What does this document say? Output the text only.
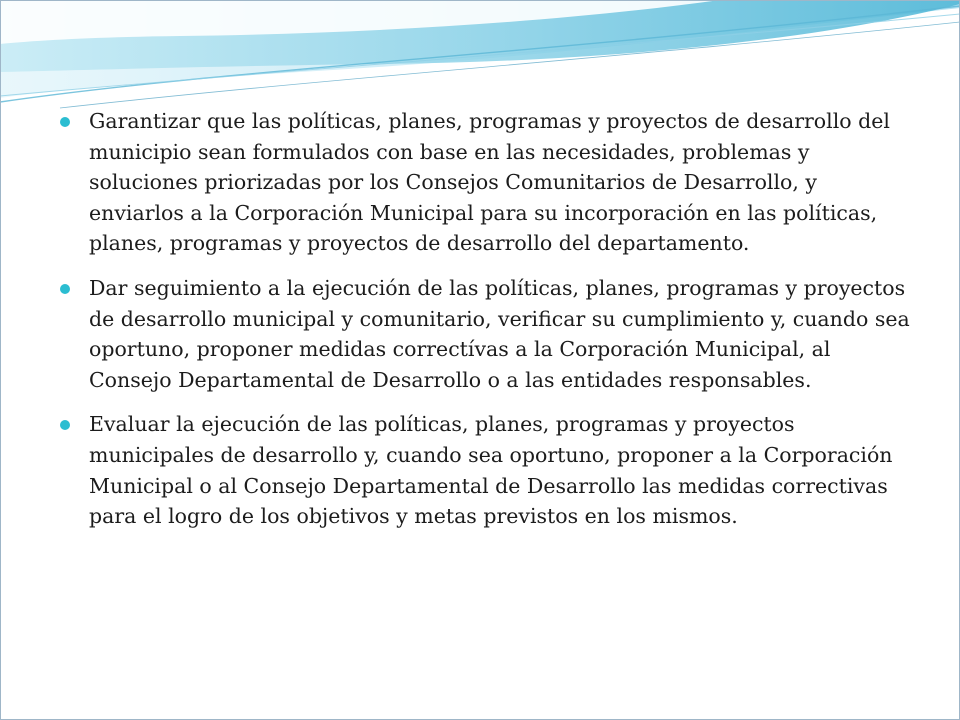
Garantizar que las políticas, planes, programas y proyectos de desarrollo del municipio sean formulados con base en las necesidades, problemas y soluciones priorizadas por los Consejos Comunitarios de Desarrollo, y enviarlos a la Corporación Municipal para su incorporación en las políticas, planes, programas y proyectos de desarrollo del departamento.
Dar seguimiento a la ejecución de las políticas, planes, programas y proyectos de desarrollo municipal y comunitario, verificar su cumplimiento y, cuando sea oportuno, proponer medidas correctívas a la Corporación Municipal, al Consejo Departamental de Desarrollo o a las entidades responsables.
Evaluar la ejecución de las políticas, planes, programas y proyectos municipales de desarrollo y, cuando sea oportuno, proponer a la Corporación Municipal o al Consejo Departamental de Desarrollo las medidas correctivas para el logro de los objetivos y metas previstos en los mismos.
